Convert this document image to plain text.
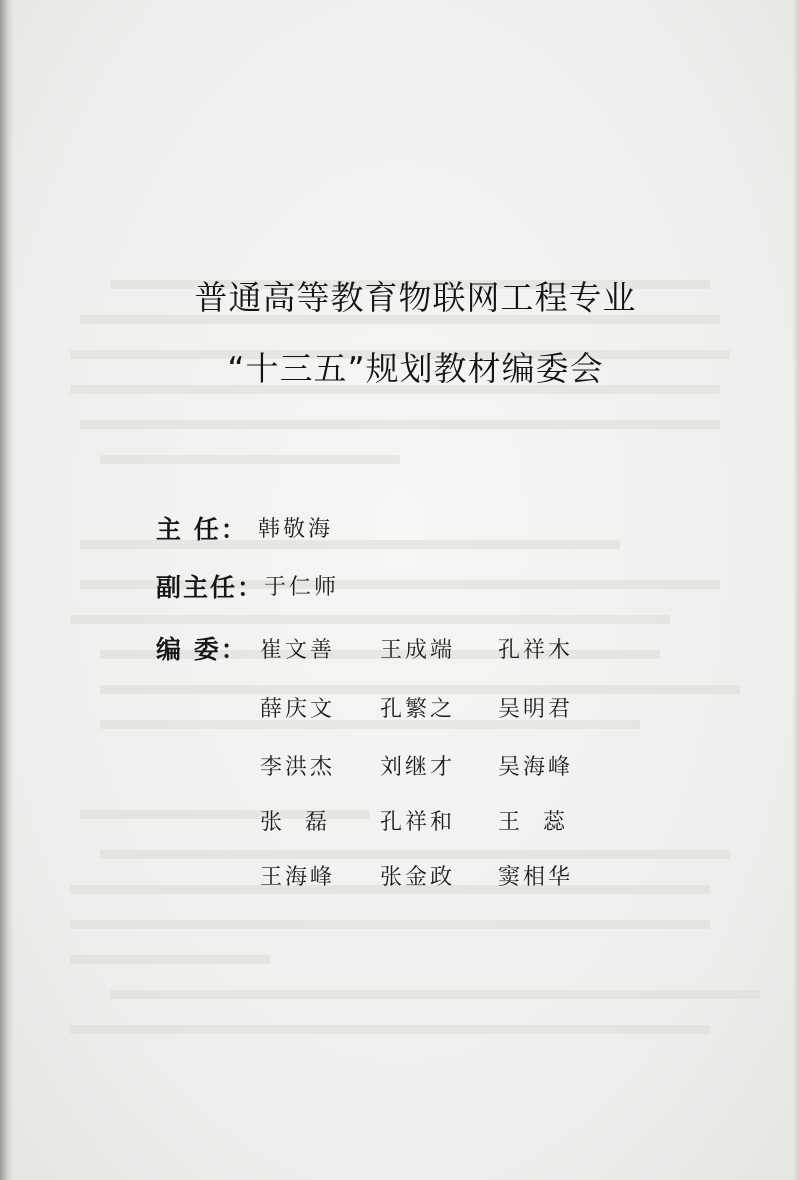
普通高等教育物联网工程专业
“十三五”规划教材编委会
主 任： 韩敬海
副主任： 于仁师
编 委： 崔文善 王成端 孔祥木
薛庆文 孔繁之 吴明君
李洪杰 刘继才 吴海峰
张  磊 孔祥和 王  蕊
王海峰 张金政 窦相华
